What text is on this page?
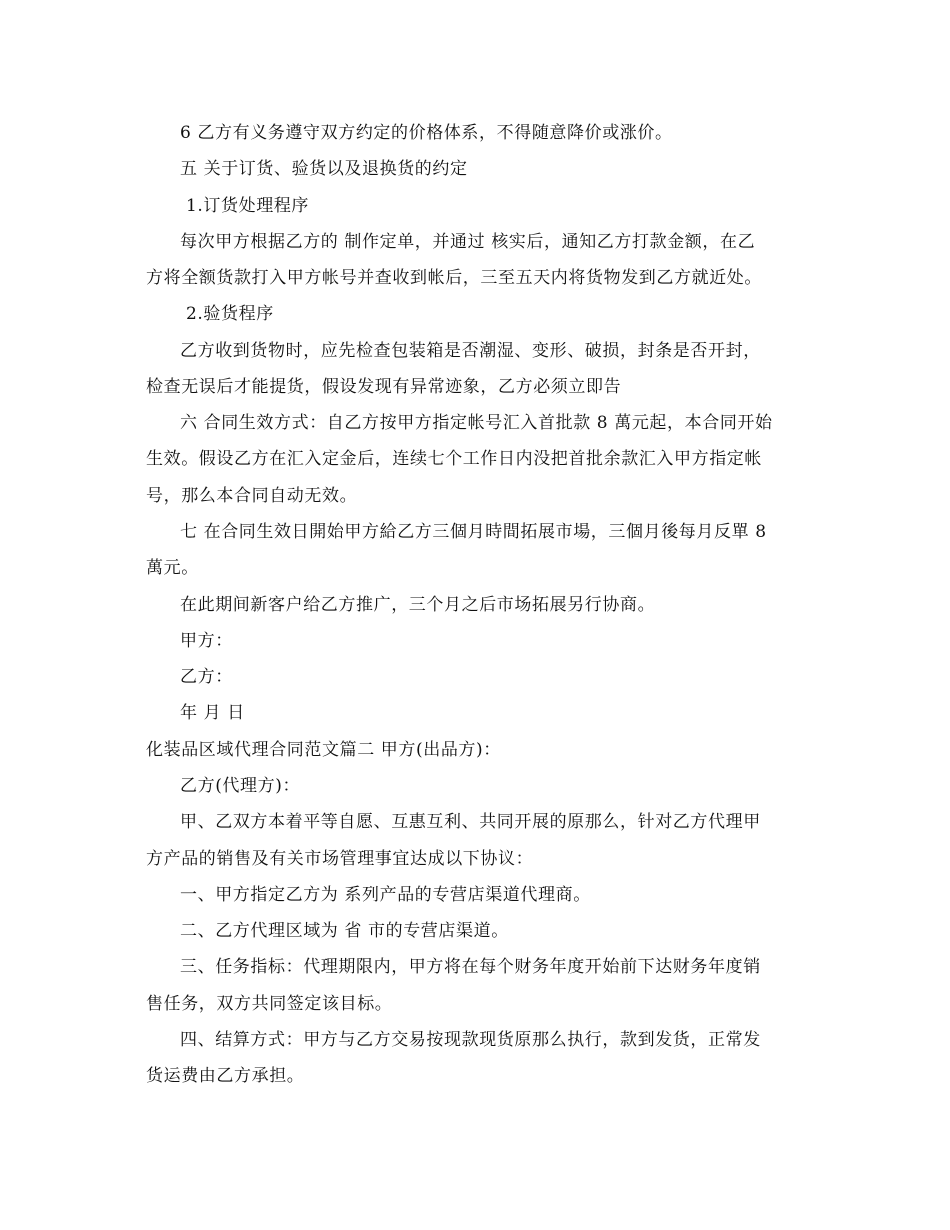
6 乙方有义务遵守双方约定的价格体系，不得随意降价或涨价。
五 关于订货、验货以及退换货的约定
1.订货处理程序
每次甲方根据乙方的 制作定单，并通过 核实后，通知乙方打款金额，在乙
方将全额货款打入甲方帐号并查收到帐后，三至五天内将货物发到乙方就近处。
2.验货程序
乙方收到货物时，应先检查包装箱是否潮湿、变形、破损，封条是否开封，
检查无误后才能提货，假设发现有异常迹象，乙方必须立即告
六 合同生效方式：自乙方按甲方指定帐号汇入首批款 8 萬元起，本合同开始
生效。假设乙方在汇入定金后，连续七个工作日内没把首批余款汇入甲方指定帐
号，那么本合同自动无效。
七 在合同生效日開始甲方給乙方三個月時間拓展市場，三個月後每月反單 8
萬元。
在此期间新客户给乙方推广，三个月之后市场拓展另行协商。
甲方：
乙方：
年 月 日
化装品区域代理合同范文篇二 甲方(出品方)：
乙方(代理方)：
甲、乙双方本着平等自愿、互惠互利、共同开展的原那么，针对乙方代理甲
方产品的销售及有关市场管理事宜达成以下协议：
一、甲方指定乙方为 系列产品的专营店渠道代理商。
二、乙方代理区域为 省 市的专营店渠道。
三、任务指标：代理期限内，甲方将在每个财务年度开始前下达财务年度销
售任务，双方共同签定该目标。
四、结算方式：甲方与乙方交易按现款现货原那么执行，款到发货，正常发
货运费由乙方承担。
